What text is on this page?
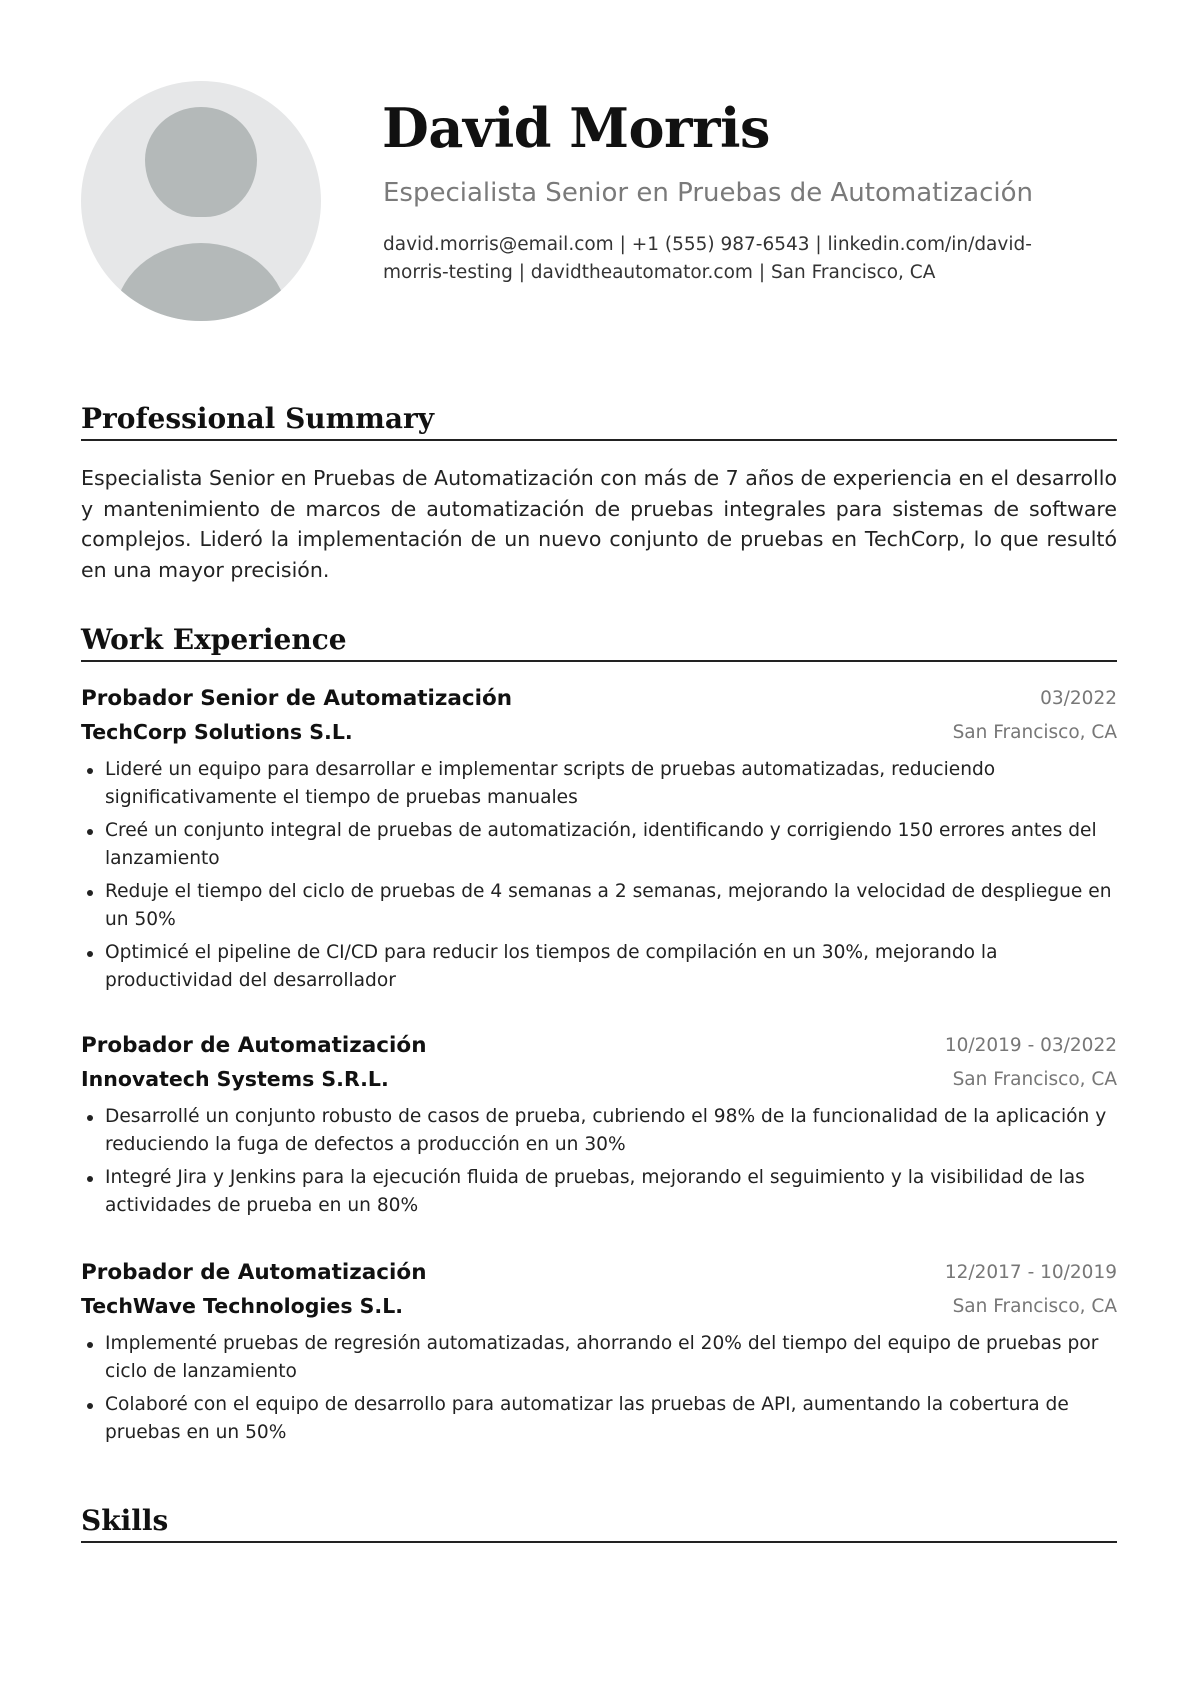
David Morris
Especialista Senior en Pruebas de Automatización
david.morris@email.com | +1 (555) 987-6543 | linkedin.com/in/david-morris-testing | davidtheautomator.com | San Francisco, CA
Professional Summary
Especialista Senior en Pruebas de Automatización con más de 7 años de experiencia en el desarrollo y mantenimiento de marcos de automatización de pruebas integrales para sistemas de software complejos. Lideró la implementación de un nuevo conjunto de pruebas en TechCorp, lo que resultó en una mayor precisión.
Work Experience
Probador Senior de Automatización	03/2022
TechCorp Solutions S.L.	San Francisco, CA
Lideré un equipo para desarrollar e implementar scripts de pruebas automatizadas, reduciendo significativamente el tiempo de pruebas manuales
Creé un conjunto integral de pruebas de automatización, identificando y corrigiendo 150 errores antes del lanzamiento
Reduje el tiempo del ciclo de pruebas de 4 semanas a 2 semanas, mejorando la velocidad de despliegue en un 50%
Optimicé el pipeline de CI/CD para reducir los tiempos de compilación en un 30%, mejorando la productividad del desarrollador
Probador de Automatización	10/2019 - 03/2022
Innovatech Systems S.R.L.	San Francisco, CA
Desarrollé un conjunto robusto de casos de prueba, cubriendo el 98% de la funcionalidad de la aplicación y reduciendo la fuga de defectos a producción en un 30%
Integré Jira y Jenkins para la ejecución fluida de pruebas, mejorando el seguimiento y la visibilidad de las actividades de prueba en un 80%
Probador de Automatización	12/2017 - 10/2019
TechWave Technologies S.L.	San Francisco, CA
Implementé pruebas de regresión automatizadas, ahorrando el 20% del tiempo del equipo de pruebas por ciclo de lanzamiento
Colaboré con el equipo de desarrollo para automatizar las pruebas de API, aumentando la cobertura de pruebas en un 50%
Skills
